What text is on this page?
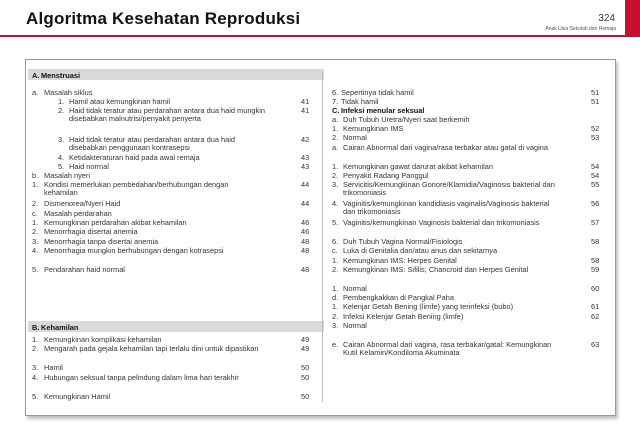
Algoritma Kesehatan Reproduksi	324
Anak Usia Sekolah dan Remaja
A. Menstruasi
a. Masalah siklus
1. Hamil atau kemungkinan hamil	41
2. Haid tidak teratur atau perdarahan antara dua haid mungkin disebabkan malnutrisi/penyakit penyerta
41
3. Haid tidak teratur atau perdarahan antara dua haid disebabkan penggunaan kontrasepsi
42
4. Ketidakteraturan haid pada awal remaja	43
5. Haid normal	43
b. Masalah nyeri
1. Kondisi memerlukan pembedahan/berhubungan dengan kehamilan
44
2. Dismenorea/Nyeri Haid	44
c. Masalah perdarahan
1. Kemungkinan perdarahan akibat kehamilan	46
2. Menorrhagia disertai anemia	46
3. Menorrhagia tanpa disertai anemia	48
4. Menorrhagia mungkin berhubungan dengan kotrasepsi	48
5. Pendarahan haid normal	48
B. Kehamilan
1. Kemungkinan komplikasi kehamilan	49
2. Mengarah pada gejala kehamilan tapi terlalu dini untuk dipastikan	49
3. Hamil	50
4. Hubungan seksual tanpa pelindung dalam lima hari terakhir	50
5. Kemungkinan Hamil	50
6. Sepertinya tidak hamil	51
7. Tidak hamil	51
C. Infeksi menular seksual
a. Duh Tubuh Uretra/Nyeri saat berkemih
1. Kemungkinan IMS	52
2. Normal	53
a. Cairan Abnormal dari vagina/rasa terbakar atau gatal di vagina
1. Kemungkinan gawat darurat akibat kehamilan	54
2. Penyakit Radang Panggul	54
3. Servicitis/Kemungkinan Gonore/Klamidia/Vaginosis bakterial dan trikomoniasis
55
4. Vaginitis/kemungkinan kandidiasis vaginalis/Vaginosis bakterial dan trikomoniasis
56
5. Vaginitis/kemungkinan Vaginosis bakterial dan trikomoniasis	57
6. Duh Tubuh Vagina Normal/Fisiologis	58
c. Luka di Genitalia dan/atau anus dan sekitarnya
1. Kemungkinan IMS: Herpes Genital	58
2. Kemungkinan IMS: Sifilis, Chancroid dan Herpes Genital	59
1. Normal	60
d. Pembengkakkan di Pangkal Paha
1. Kelenjar Getah Bening (limfe) yang terinfeksi (bubo)	61
2. Infeksi Kelenjar Getah Bening (limfe)	62
3. Normal
e. Cairan Abnormal dari vagina, rasa terbakar/gatal: Kemungkinan Kutil Kelamin/Kondiloma Akuminata
63
